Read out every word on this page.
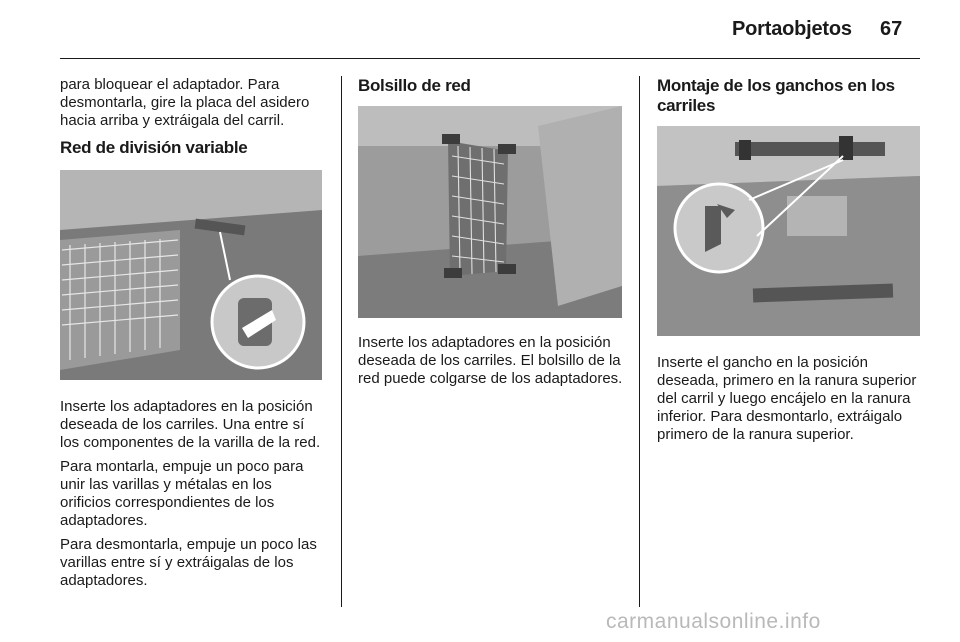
Portaobjetos 67

para bloquear el adaptador. Para desmontarla, gire la placa del asidero hacia arriba y extráigala del carril.

Red de división variable

Inserte los adaptadores en la posición deseada de los carriles. Una entre sí los componentes de la varilla de la red.

Para montarla, empuje un poco para unir las varillas y métalas en los orificios correspondientes de los adaptadores.

Para desmontarla, empuje un poco las varillas entre sí y extráigalas de los adaptadores.

Bolsillo de red

Inserte los adaptadores en la posición deseada de los carriles. El bolsillo de la red puede colgarse de los adaptadores.

Montaje de los ganchos en los carriles

Inserte el gancho en la posición deseada, primero en la ranura superior del carril y luego encájelo en la ranura inferior. Para desmontarlo, extráigalo primero de la ranura superior.

carmanualsonline.info
